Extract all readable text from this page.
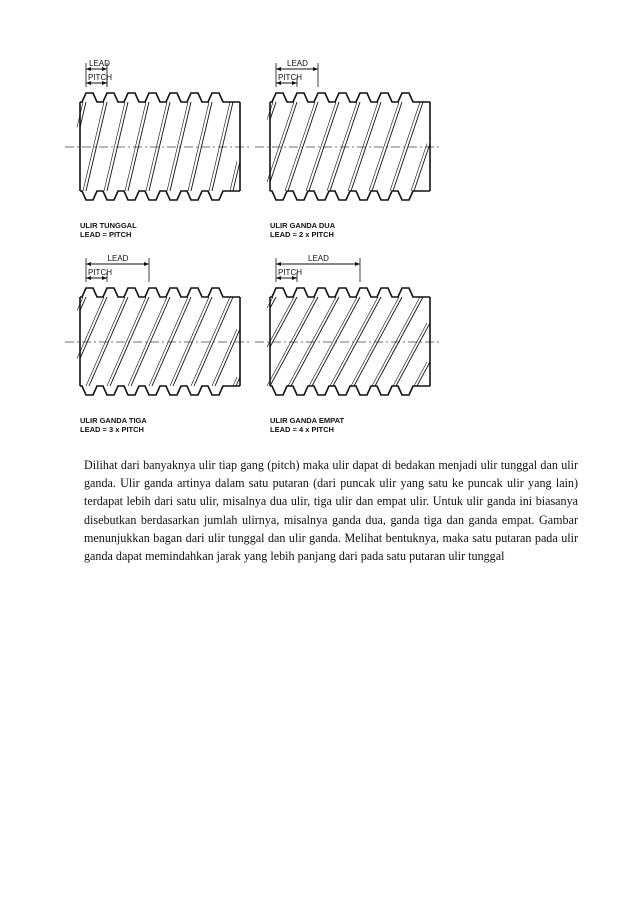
LEAD
PITCH
ULIR TUNGGAL
LEAD = PITCH
LEAD
PITCH
ULIR GANDA DUA
LEAD = 2 x PITCH
LEAD
PITCH
ULIR GANDA TIGA
LEAD = 3 x PITCH
LEAD
PITCH
ULIR GANDA EMPAT
LEAD = 4 x PITCH

Dilihat dari banyaknya ulir tiap gang (pitch) maka ulir dapat di bedakan menjadi ulir tunggal dan ulir ganda. Ulir ganda artinya dalam satu putaran (dari puncak ulir yang satu ke puncak ulir yang lain) terdapat lebih dari satu ulir, misalnya dua ulir, tiga ulir dan empat ulir. Untuk ulir ganda ini biasanya disebutkan berdasarkan jumlah ulirnya, misalnya ganda dua, ganda tiga dan ganda empat. Gambar menunjukkan bagan dari ulir tunggal dan ulir ganda. Melihat bentuknya, maka satu putaran pada ulir ganda dapat memindahkan jarak yang lebih panjang dari pada satu putaran ulir tunggal
